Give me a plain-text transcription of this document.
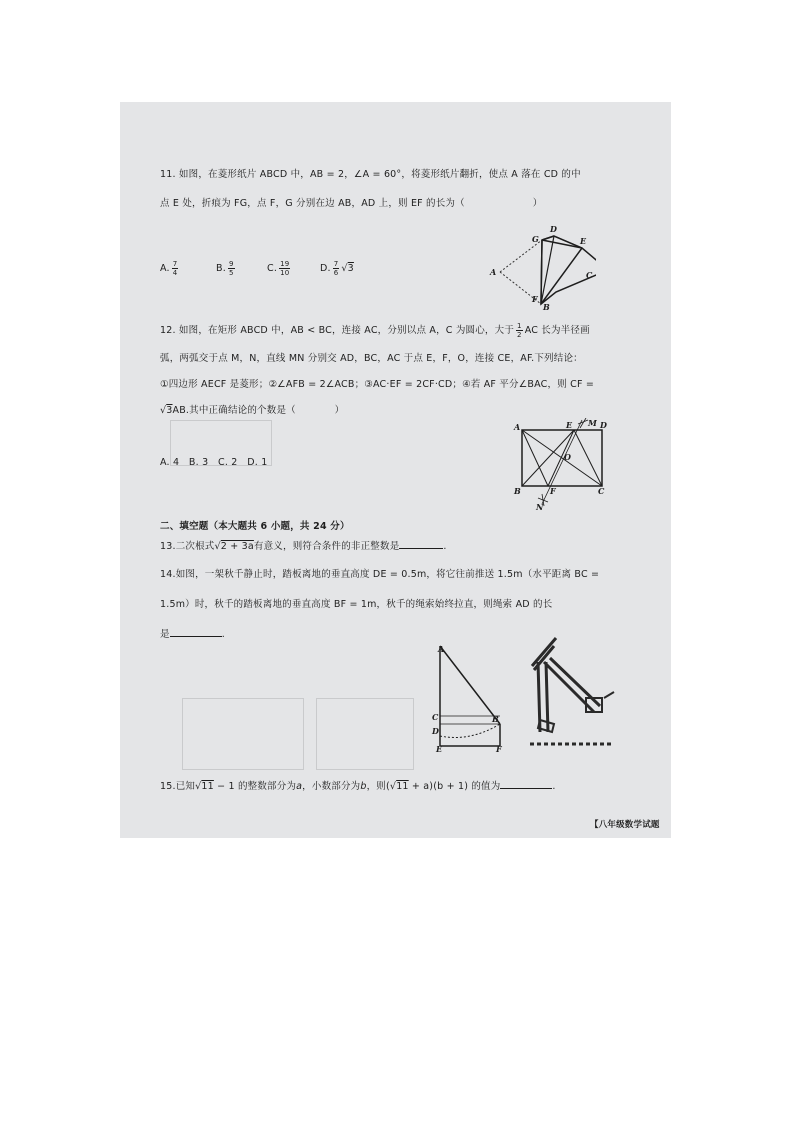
11. 如图，在菱形纸片 ABCD 中，AB = 2，∠A = 60°，将菱形纸片翻折，使点 A 落在 CD 的中
点 E 处，折痕为 FG，点 F，G 分别在边 AB，AD 上，则 EF 的长为（　　　　　　　）
A. $\frac{7}{4}$	B. $\frac{9}{5}$	C. $\frac{19}{10}$	D. $\frac{7}{6} √3$	A
G
D
E
C
F
B
12. 如图，在矩形 ABCD 中，AB < BC，连接 AC，分别以点 A，C 为圆心，大于 $\frac{1}{2}$ AC 长为半径画
弧，两弧交于点 M，N，直线 MN 分别交 AD，BC，AC 于点 E，F，O，连接 CE，AF.下列结论：
①四边形 AECF 是菱形；②∠AFB = 2∠ACB；③AC·EF = 2CF·CD；④若 AF 平分∠BAC，则 CF =
√3AB.其中正确结论的个数是（　　　　）
A. 4　B. 3　C. 2　D. 1
A	E M D
O
B	F	C
N
二、填空题（本大题共 6 小题，共 24 分）
13.二次根式√2 + 3a有意义，则符合条件的非正整数是	.
14.如图，一架秋千静止时，踏板离地的垂直高度 DE = 0.5m，将它往前推送 1.5m（水平距离 BC =
1.5m）时，秋千的踏板离地的垂直高度 BF = 1m，秋千的绳索始终拉直，则绳索 AD 的长
是	.
A
C	B
D
E	F
15.已知√11 − 1 的整数部分为a，小数部分为b，则(√11 + a)(b + 1) 的值为	.
【八年级数学试题
